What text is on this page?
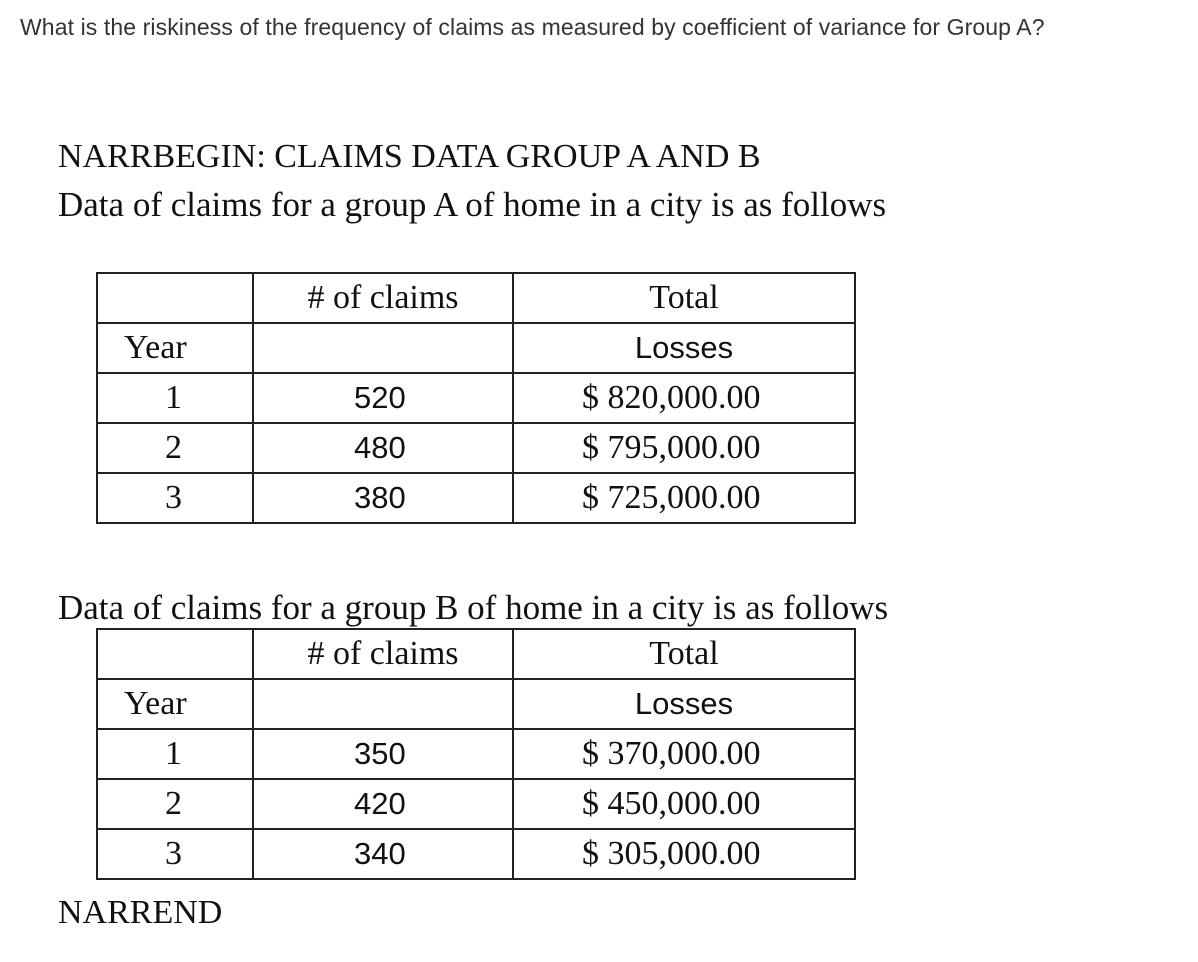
What is the riskiness of the frequency of claims as measured by coefficient of variance for Group A?
NARRBEGIN: CLAIMS DATA GROUP A AND B
Data of claims for a group A of home in a city is as follows
	# of claims	Total
Year		Losses
1	520	$ 820,000.00
2	480	$ 795,000.00
3	380	$ 725,000.00
Data of claims for a group B of home in a city is as follows
	# of claims	Total
Year		Losses
1	350	$ 370,000.00
2	420	$ 450,000.00
3	340	$ 305,000.00
NARREND
